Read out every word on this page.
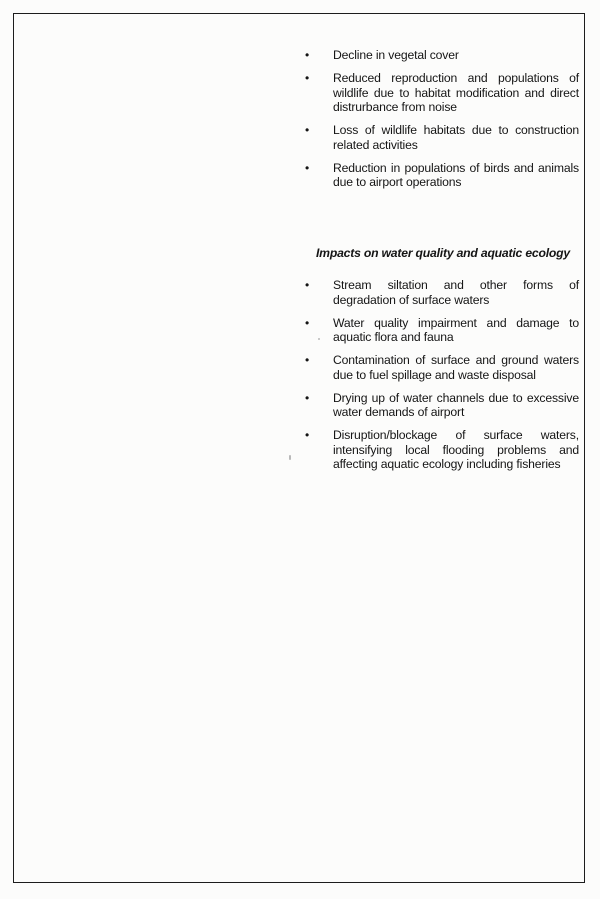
•	Decline in vegetal cover
•	Reduced reproduction and populations of wildlife due to habitat modification and direct distrurbance from noise
•	Loss of wildlife habitats due to construction related activities
•	Reduction in populations of birds and animals due to airport operations
Impacts on water quality and aquatic ecology
•	Stream siltation and other forms of degradation of surface waters
•	Water quality impairment and damage to aquatic flora and fauna
•	Contamination of surface and ground waters due to fuel spillage and waste disposal
•	Drying up of water channels due to excessive water demands of airport
•	Disruption/blockage of surface waters, intensifying local flooding problems and affecting aquatic ecology including fisheries
